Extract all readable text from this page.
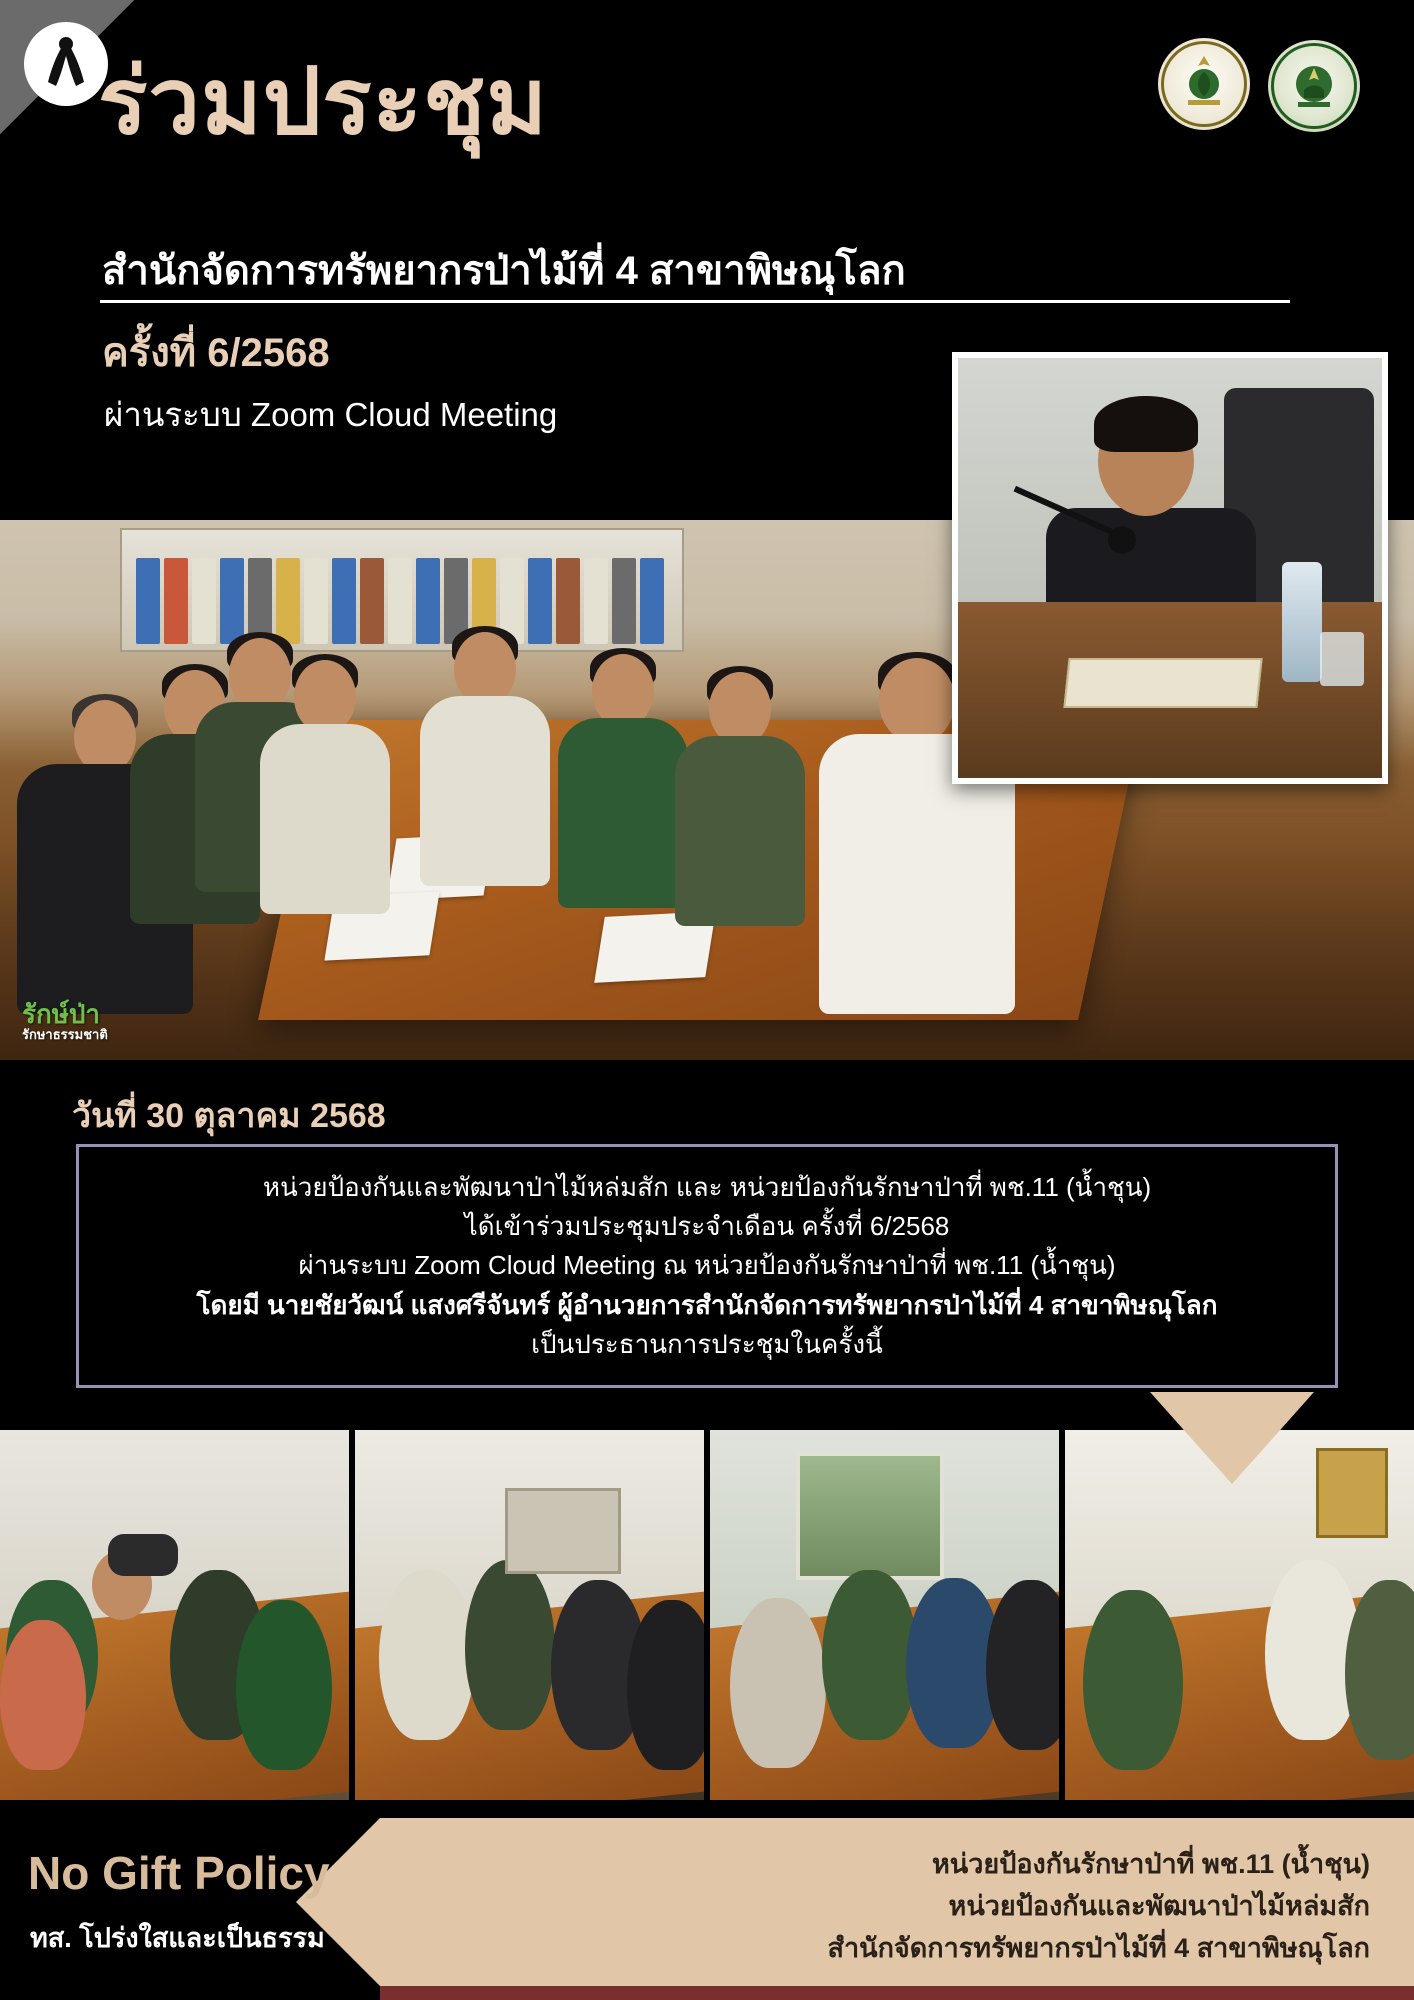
ร่วมประชุม
สำนักจัดการทรัพยากรป่าไม้ที่ 4 สาขาพิษณุโลก
ครั้งที่ 6/2568
ผ่านระบบ Zoom Cloud Meeting
รักษ์ป่า
รักษาธรรมชาติ
วันที่ 30 ตุลาคม 2568
หน่วยป้องกันและพัฒนาป่าไม้หล่มสัก และ หน่วยป้องกันรักษาป่าที่ พช.11 (น้ำชุน)
ได้เข้าร่วมประชุมประจำเดือน ครั้งที่ 6/2568
ผ่านระบบ Zoom Cloud Meeting ณ หน่วยป้องกันรักษาป่าที่ พช.11 (น้ำชุน)
โดยมี นายชัยวัฒน์ แสงศรีจันทร์ ผู้อำนวยการสำนักจัดการทรัพยากรป่าไม้ที่ 4 สาขาพิษณุโลก
เป็นประธานการประชุมในครั้งนี้
หน่วยป้องกันรักษาป่าที่ พช.11 (น้ำชุน)
หน่วยป้องกันและพัฒนาป่าไม้หล่มสัก
สำนักจัดการทรัพยากรป่าไม้ที่ 4 สาขาพิษณุโลก
No Gift Policy
ทส. โปร่งใสและเป็นธรรม
